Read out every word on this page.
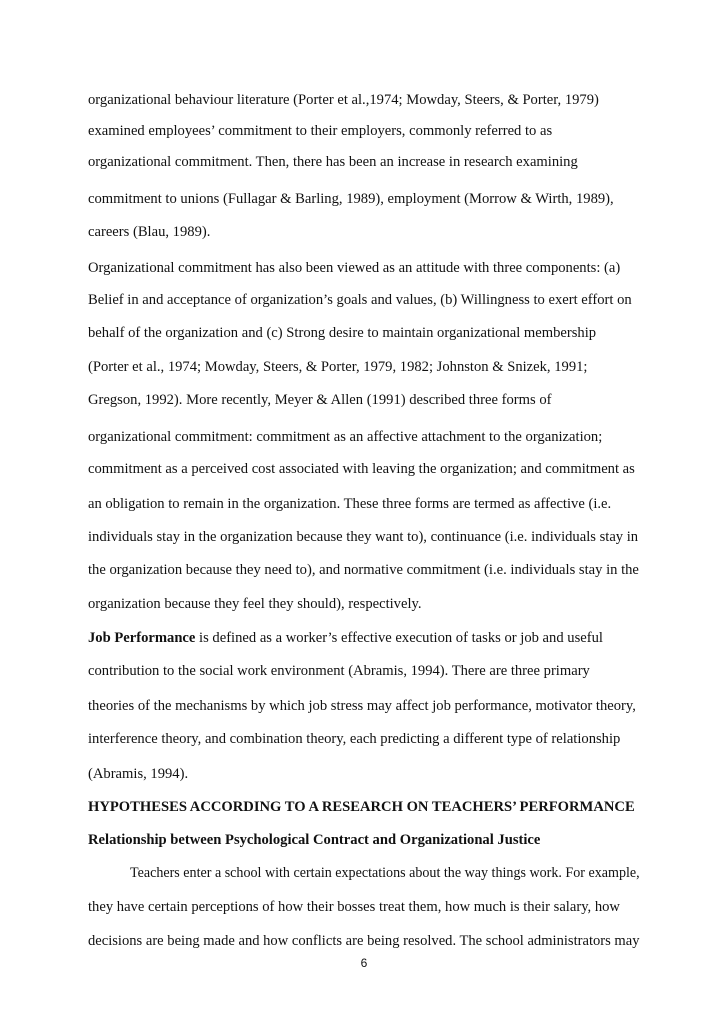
organizational behaviour literature (Porter et al.,1974; Mowday, Steers, & Porter, 1979)
examined employees’ commitment to their employers, commonly referred to as
organizational commitment. Then, there has been an increase in research examining
commitment to unions (Fullagar & Barling, 1989), employment (Morrow & Wirth, 1989),
careers (Blau, 1989).
Organizational commitment has also been viewed as an attitude with three components: (a)
Belief in and acceptance of organization’s goals and values, (b) Willingness to exert effort on
behalf of the organization and (c) Strong desire to maintain organizational membership
(Porter et al., 1974; Mowday, Steers, & Porter, 1979, 1982; Johnston & Snizek, 1991;
Gregson, 1992). More recently, Meyer & Allen (1991) described three forms of
organizational commitment: commitment as an affective attachment to the organization;
commitment as a perceived cost associated with leaving the organization; and commitment as
an obligation to remain in the organization. These three forms are termed as affective (i.e.
individuals stay in the organization because they want to), continuance (i.e. individuals stay in
the organization because they need to), and normative commitment (i.e. individuals stay in the
organization because they feel they should), respectively.
Job Performance is defined as a worker’s effective execution of tasks or job and useful
contribution to the social work environment (Abramis, 1994). There are three primary
theories of the mechanisms by which job stress may affect job performance, motivator theory,
interference theory, and combination theory, each predicting a different type of relationship
(Abramis, 1994).
HYPOTHESES ACCORDING TO A RESEARCH ON TEACHERS’ PERFORMANCE
Relationship between Psychological Contract and Organizational Justice
Teachers enter a school with certain expectations about the way things work. For example,
they have certain perceptions of how their bosses treat them, how much is their salary, how
decisions are being made and how conflicts are being resolved. The school administrators may
6
